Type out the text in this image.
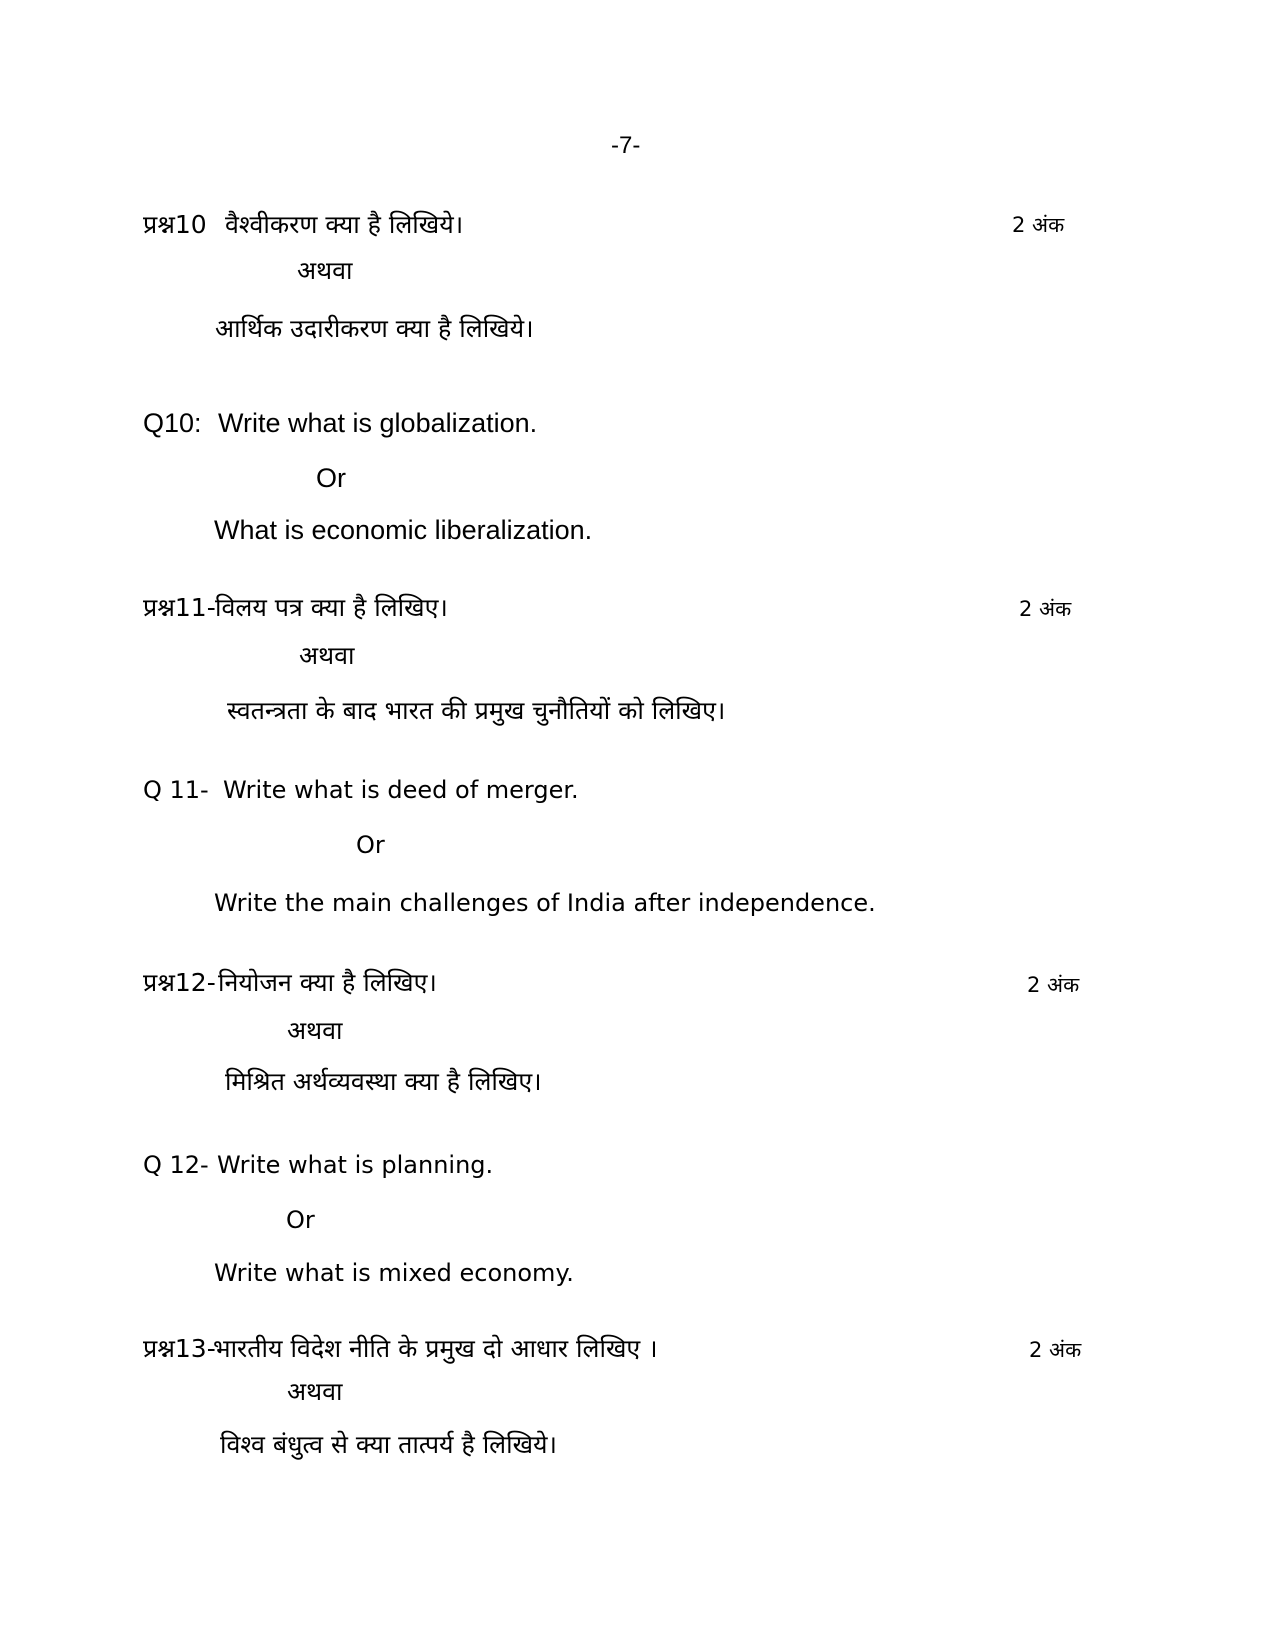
-7-
प्रश्न10 वैश्वीकरण क्या है लिखिये।	2 अंक
अथवा
आर्थिक उदारीकरण क्या है लिखिये।
Q10: Write what is globalization.
Or
What is economic liberalization.
प्रश्न11- विलय पत्र क्या है लिखिए।	2 अंक
अथवा
स्वतन्त्रता के बाद भारत की प्रमुख चुनौतियों को लिखिए।
Q 11- Write what is deed of merger.
Or
Write the main challenges of India after independence.
प्रश्न12- नियोजन क्या है लिखिए।	2 अंक
अथवा
मिश्रित अर्थव्यवस्था क्या है लिखिए।
Q 12- Write what is planning.
Or
Write what is mixed economy.
प्रश्न13-
भारतीय विदेश नीति के प्रमुख दो आधार लिखिए ।	2 अंक
अथवा
विश्व बंधुत्व से क्या तात्पर्य है लिखिये।
